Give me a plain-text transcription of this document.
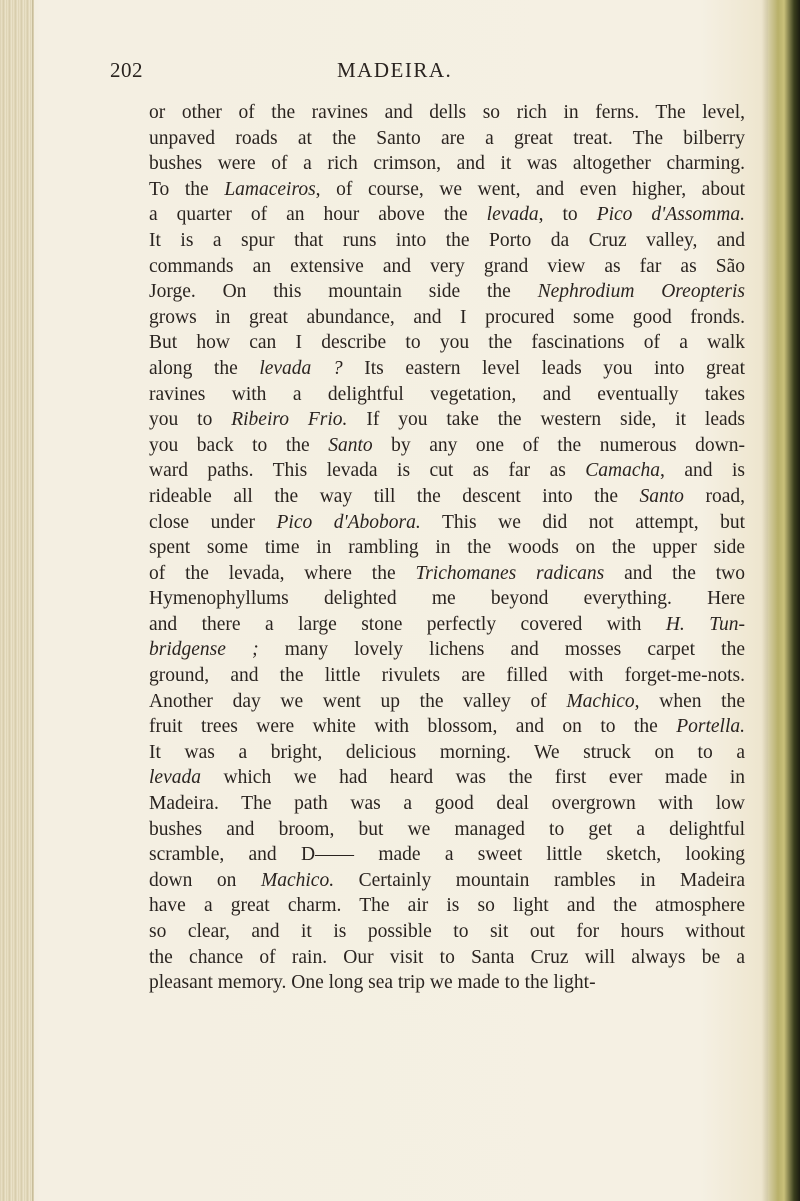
202	MADEIRA.
or other of the ravines and dells so rich in ferns. The level,
unpaved roads at the Santo are a great treat. The bilberry
bushes were of a rich crimson, and it was altogether charming.
To the Lamaceiros, of course, we went, and even higher, about
a quarter of an hour above the levada, to Pico d'Assomma.
It is a spur that runs into the Porto da Cruz valley, and
commands an extensive and very grand view as far as São
Jorge. On this mountain side the Nephrodium Oreopteris
grows in great abundance, and I procured some good fronds.
But how can I describe to you the fascinations of a walk
along the levada ? Its eastern level leads you into great
ravines with a delightful vegetation, and eventually takes
you to Ribeiro Frio. If you take the western side, it leads
you back to the Santo by any one of the numerous down-
ward paths. This levada is cut as far as Camacha, and is
rideable all the way till the descent into the Santo road,
close under Pico d'Abobora. This we did not attempt, but
spent some time in rambling in the woods on the upper side
of the levada, where the Trichomanes radicans and the two
Hymenophyllums delighted me beyond everything. Here
and there a large stone perfectly covered with H. Tun-
bridgense ; many lovely lichens and mosses carpet the
ground, and the little rivulets are filled with forget-me-nots.
Another day we went up the valley of Machico, when the
fruit trees were white with blossom, and on to the Portella.
It was a bright, delicious morning. We struck on to a
levada which we had heard was the first ever made in
Madeira. The path was a good deal overgrown with low
bushes and broom, but we managed to get a delightful
scramble, and D—— made a sweet little sketch, looking
down on Machico. Certainly mountain rambles in Madeira
have a great charm. The air is so light and the atmosphere
so clear, and it is possible to sit out for hours without
the chance of rain. Our visit to Santa Cruz will always be a
pleasant memory. One long sea trip we made to the light-
